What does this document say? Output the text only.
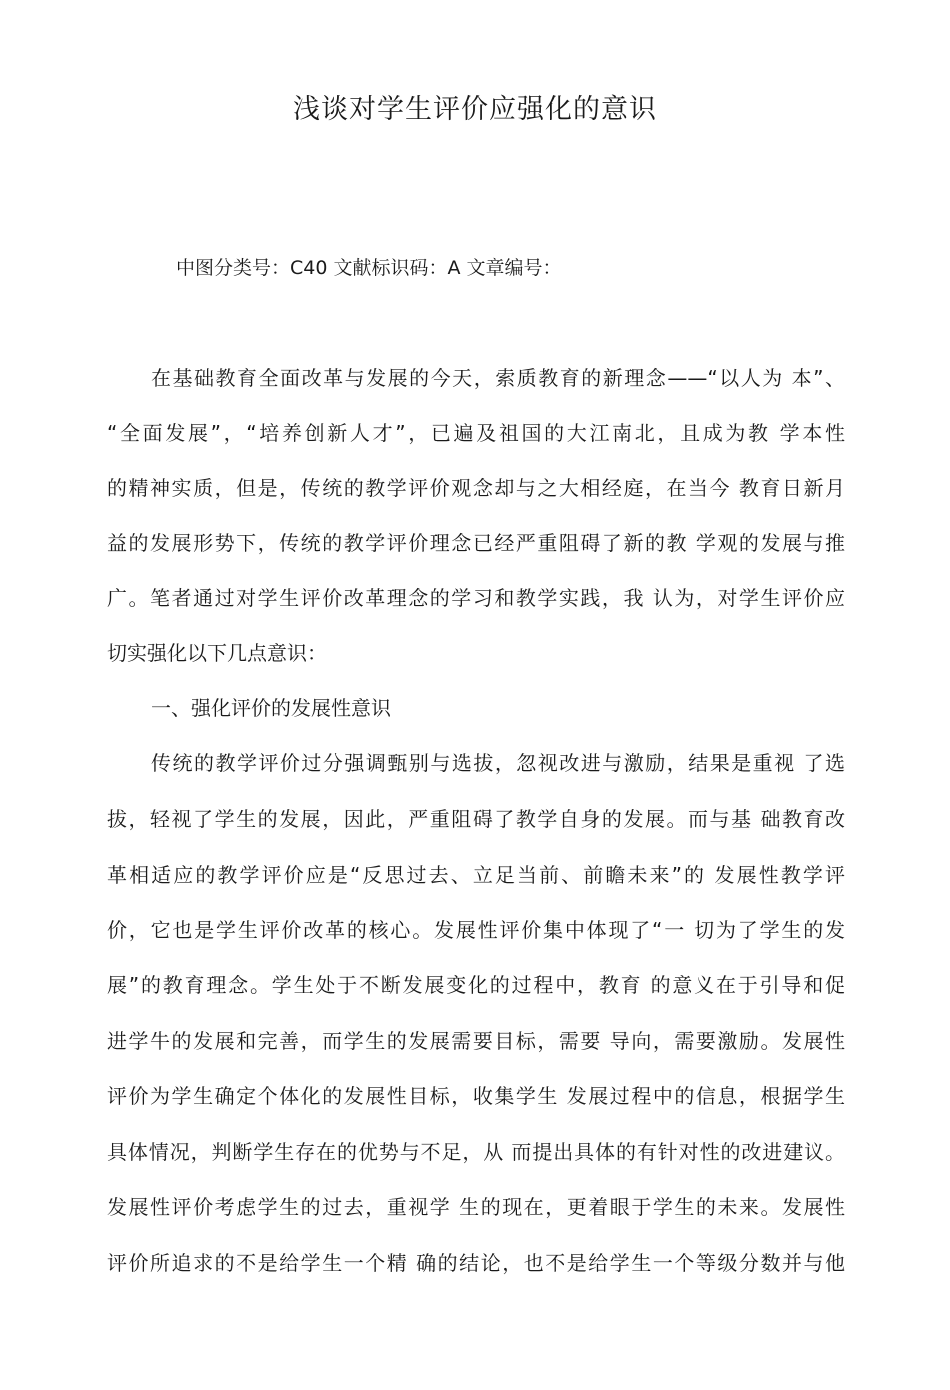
浅谈对学生评价应强化的意识
中图分类号：C40 文献标识码：A 文章编号：
在基础教育全面改革与发展的今天，索质教育的新理念——“以人为 本”、
“全面发展”，“培养创新人才”，已遍及祖国的大江南北，且成为教 学本性
的精神实质，但是，传统的教学评价观念却与之大相经庭，在当今 教育日新月
益的发展形势下，传统的教学评价理念已经严重阻碍了新的教 学观的发展与推
广。笔者通过对学生评价改革理念的学习和教学实践，我 认为，对学生评价应
切实强化以下几点意识：
一、强化评价的发展性意识
传统的教学评价过分强调甄别与选拔，忽视改进与激励，结果是重视 了选
拔，轻视了学生的发展，因此，严重阻碍了教学自身的发展。而与基 础教育改
革相适应的教学评价应是“反思过去、立足当前、前瞻未来”的 发展性教学评
价，它也是学生评价改革的核心。发展性评价集中体现了“一 切为了学生的发
展”的教育理念。学生处于不断发展变化的过程中，教育 的意义在于引导和促
进学牛的发展和完善，而学生的发展需要目标，需要 导向，需要激励。发展性
评价为学生确定个体化的发展性目标，收集学生 发展过程中的信息，根据学生
具体情况，判断学生存在的优势与不足，从 而提出具体的有针对性的改进建议。
发展性评价考虑学生的过去，重视学 生的现在，更着眼于学生的未来。发展性
评价所追求的不是给学生一个精 确的结论，也不是给学生一个等级分数并与他
